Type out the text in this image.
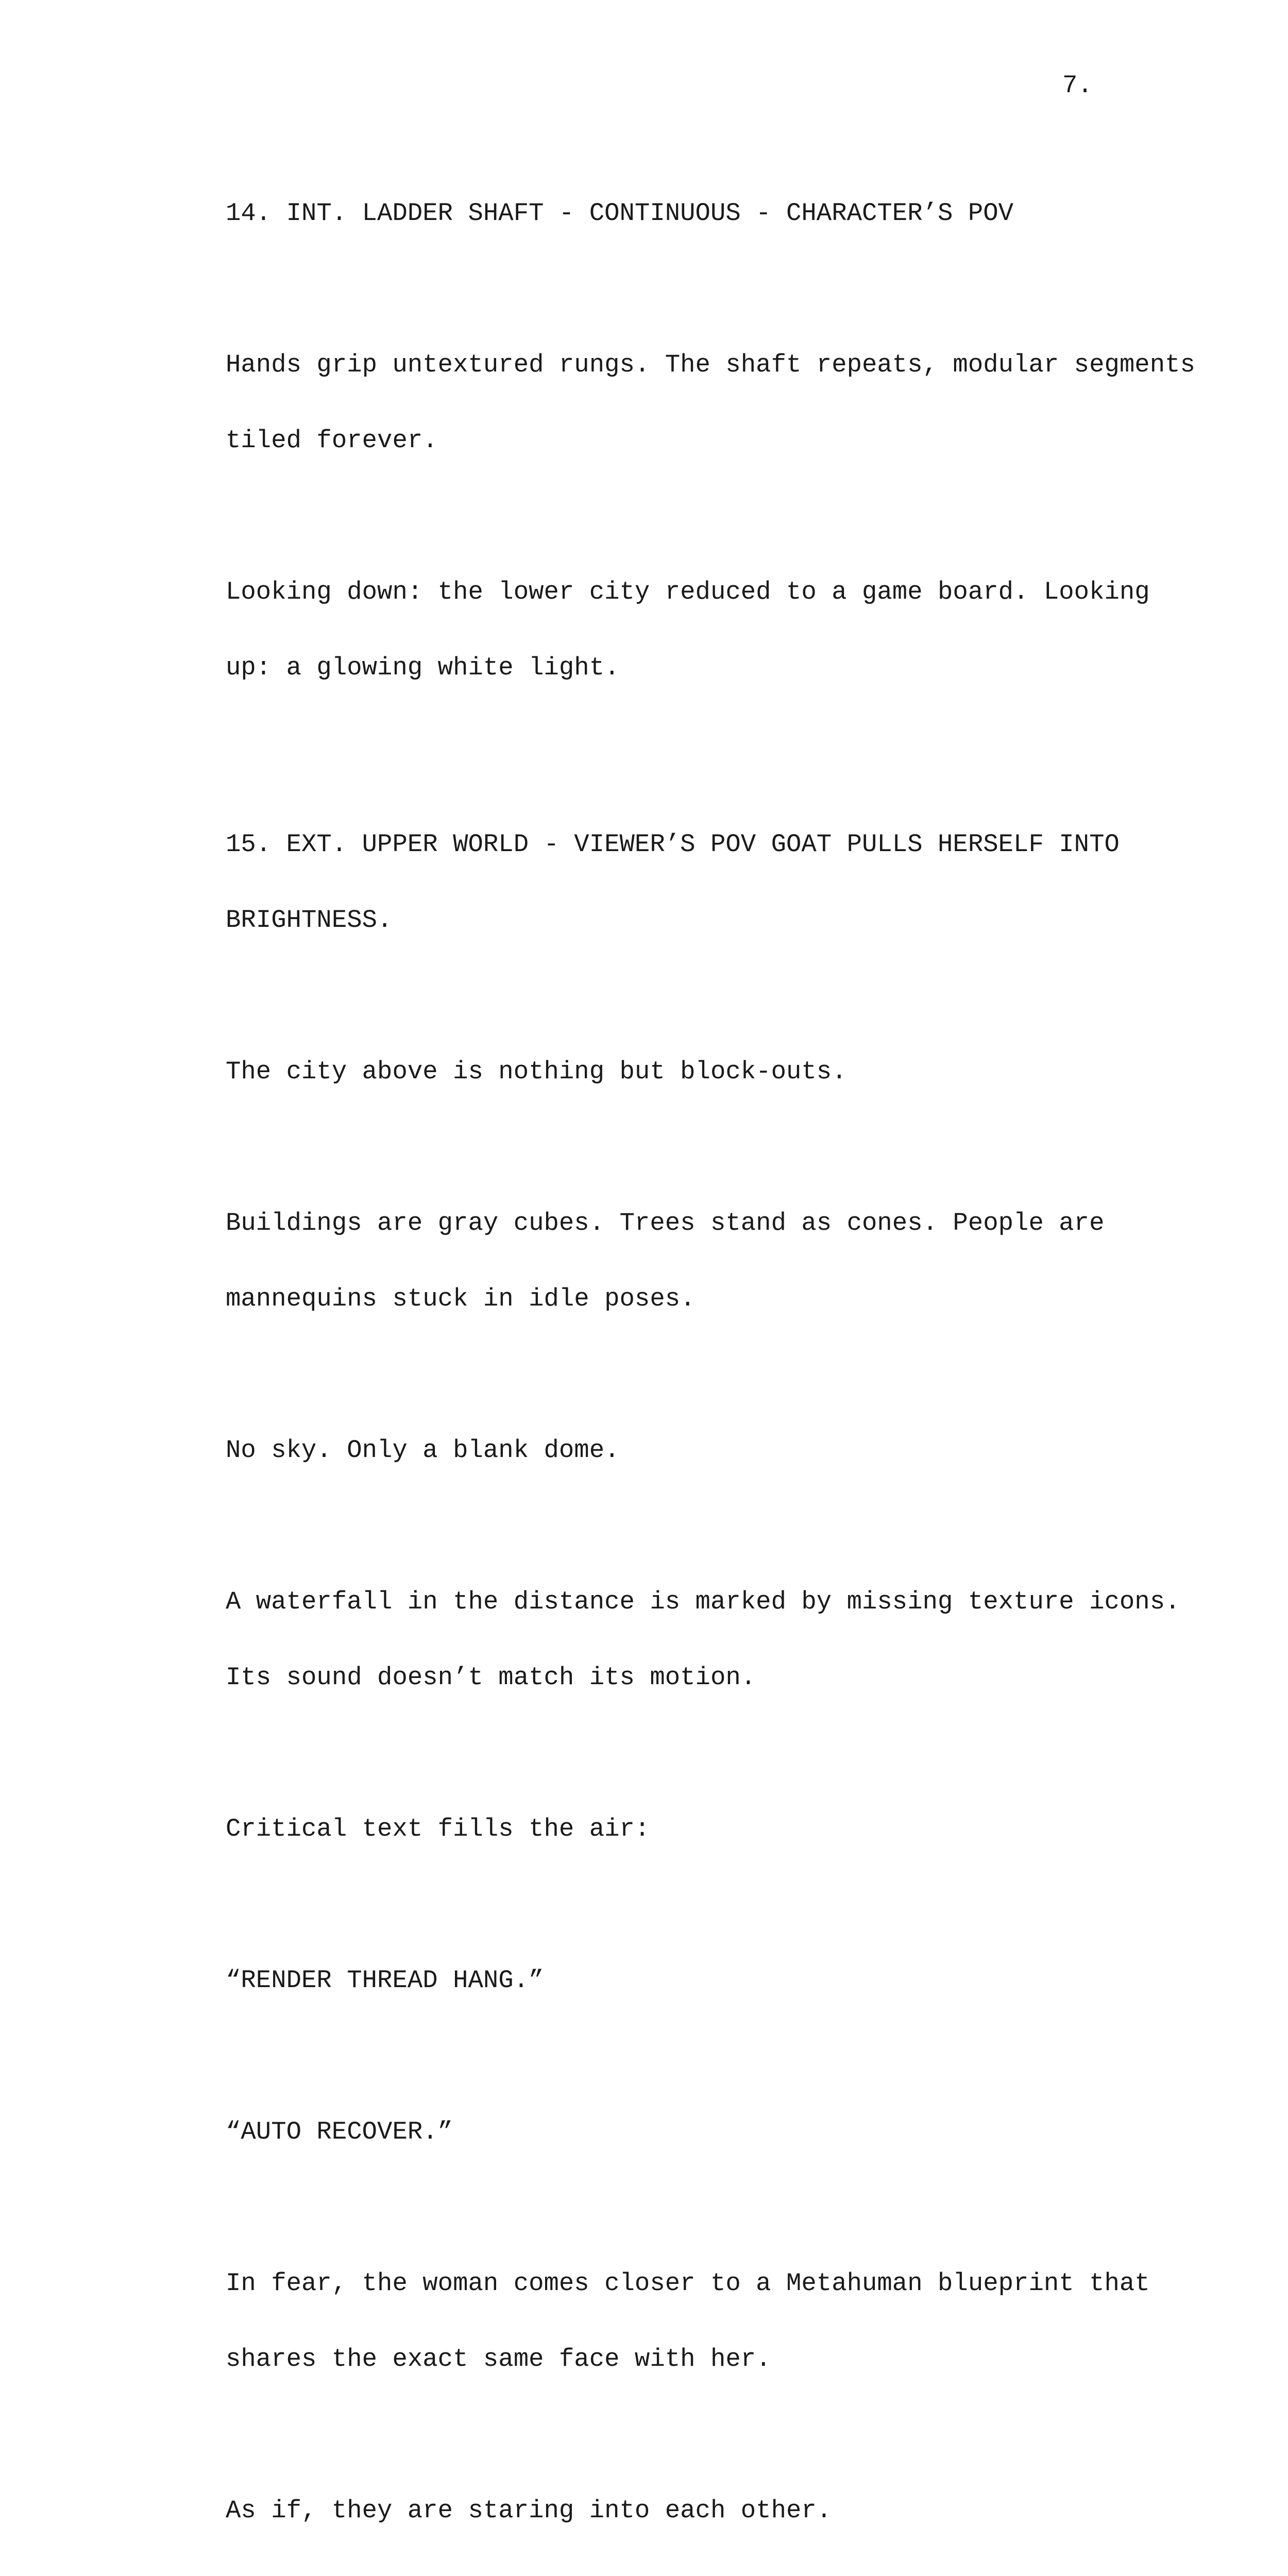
7.

14. INT. LADDER SHAFT - CONTINUOUS - CHARACTER’S POV

Hands grip untextured rungs. The shaft repeats, modular segments

tiled forever.

Looking down: the lower city reduced to a game board. Looking

up: a glowing white light.

15. EXT. UPPER WORLD - VIEWER’S POV GOAT PULLS HERSELF INTO

BRIGHTNESS.

The city above is nothing but block-outs.

Buildings are gray cubes. Trees stand as cones. People are

mannequins stuck in idle poses.

No sky. Only a blank dome.

A waterfall in the distance is marked by missing texture icons.

Its sound doesn’t match its motion.

Critical text fills the air:

“RENDER THREAD HANG.”

“AUTO RECOVER.”

In fear, the woman comes closer to a Metahuman blueprint that

shares the exact same face with her.

As if, they are staring into each other.
